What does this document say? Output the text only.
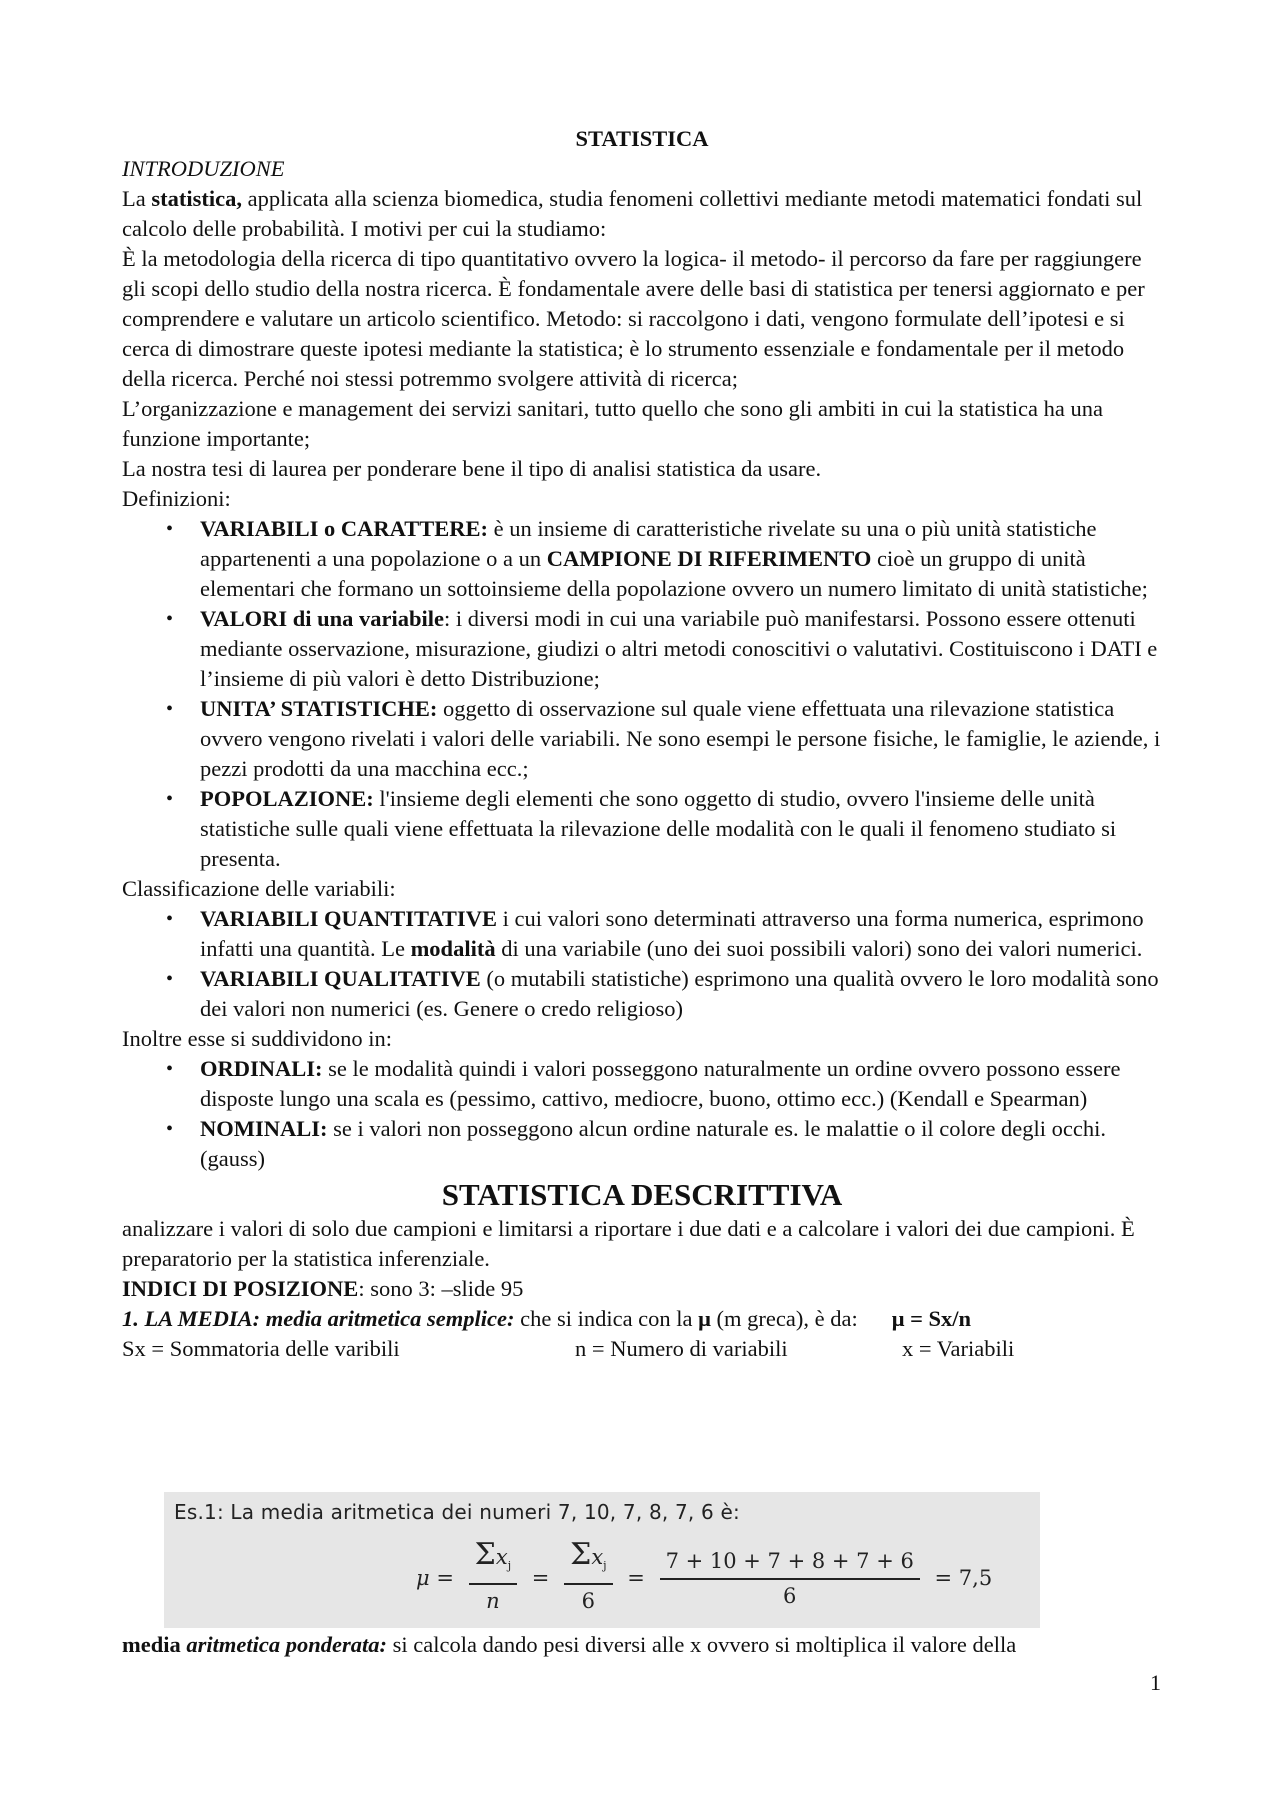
STATISTICA

INTRODUZIONE

La statistica, applicata alla scienza biomedica, studia fenomeni collettivi mediante metodi matematici fondati sul calcolo delle probabilità. I motivi per cui la studiamo:

È la metodologia della ricerca di tipo quantitativo ovvero la logica- il metodo- il percorso da fare per raggiungere gli scopi dello studio della nostra ricerca. È fondamentale avere delle basi di statistica per tenersi aggiornato e per comprendere e valutare un articolo scientifico. Metodo: si raccolgono i dati, vengono formulate dell’ipotesi e si cerca di dimostrare queste ipotesi mediante la statistica; è lo strumento essenziale e fondamentale per il metodo della ricerca. Perché noi stessi potremmo svolgere attività di ricerca;

L’organizzazione e management dei servizi sanitari, tutto quello che sono gli ambiti in cui la statistica ha una funzione importante;

La nostra tesi di laurea per ponderare bene il tipo di analisi statistica da usare.

Definizioni:

• VARIABILI o CARATTERE: è un insieme di caratteristiche rivelate su una o più unità statistiche appartenenti a una popolazione o a un CAMPIONE DI RIFERIMENTO cioè un gruppo di unità elementari che formano un sottoinsieme della popolazione ovvero un numero limitato di unità statistiche;
• VALORI di una variabile: i diversi modi in cui una variabile può manifestarsi. Possono essere ottenuti mediante osservazione, misurazione, giudizi o altri metodi conoscitivi o valutativi. Costituiscono i DATI e l’insieme di più valori è detto Distribuzione;
• UNITA’ STATISTICHE: oggetto di osservazione sul quale viene effettuata una rilevazione statistica ovvero vengono rivelati i valori delle variabili. Ne sono esempi le persone fisiche, le famiglie, le aziende, i pezzi prodotti da una macchina ecc.;
• POPOLAZIONE: l'insieme degli elementi che sono oggetto di studio, ovvero l'insieme delle unità statistiche sulle quali viene effettuata la rilevazione delle modalità con le quali il fenomeno studiato si presenta.

Classificazione delle variabili:

• VARIABILI QUANTITATIVE i cui valori sono determinati attraverso una forma numerica, esprimono infatti una quantità. Le modalità di una variabile (uno dei suoi possibili valori) sono dei valori numerici.
• VARIABILI QUALITATIVE (o mutabili statistiche) esprimono una qualità ovvero le loro modalità sono dei valori non numerici (es. Genere o credo religioso)

Inoltre esse si suddividono in:

• ORDINALI: se le modalità quindi i valori posseggono naturalmente un ordine ovvero possono essere disposte lungo una scala es (pessimo, cattivo, mediocre, buono, ottimo ecc.) (Kendall e Spearman)
• NOMINALI: se i valori non posseggono alcun ordine naturale es. le malattie o il colore degli occhi. (gauss)
STATISTICA DESCRITTIVA

analizzare i valori di solo due campioni e limitarsi a riportare i due dati e a calcolare i valori dei due campioni. È preparatorio per la statistica inferenziale.

INDICI DI POSIZIONE: sono 3: –slide 95

1. LA MEDIA: media aritmetica semplice: che si indica con la μ (m greca), è da: μ = Sx/n

Sx = Sommatoria delle varibili	n = Numero di variabili	x = Variabili
Es.1: La media aritmetica dei numeri 7, 10, 7, 8, 7, 6 è:
$\mu = \frac{\Sigma x_j}{n} = \frac{\Sigma x_j}{6} = \frac{7 + 10 + 7 + 8 + 7 + 6}{6} = 7,5$
media aritmetica ponderata: si calcola dando pesi diversi alle x ovvero si moltiplica il valore della
1
